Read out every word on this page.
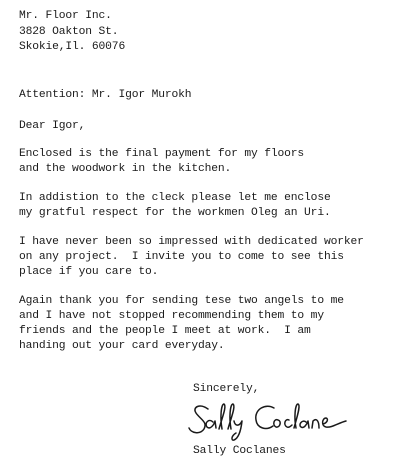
Mr. Floor Inc.
3828 Oakton St.
Skokie,Il. 60076
Attention: Mr. Igor Murokh
Dear Igor,
Enclosed is the final payment for my floors
and the woodwork in the kitchen.
In addistion to the cleck please let me enclose
my gratful respect for the workmen Oleg an Uri.
I have never been so impressed with dedicated worker
on any project.  I invite you to come to see this
place if you care to.
Again thank you for sending tese two angels to me
and I have not stopped recommending them to my
friends and the people I meet at work.  I am
handing out your card everyday.
Sincerely,
Sally Coclanes
